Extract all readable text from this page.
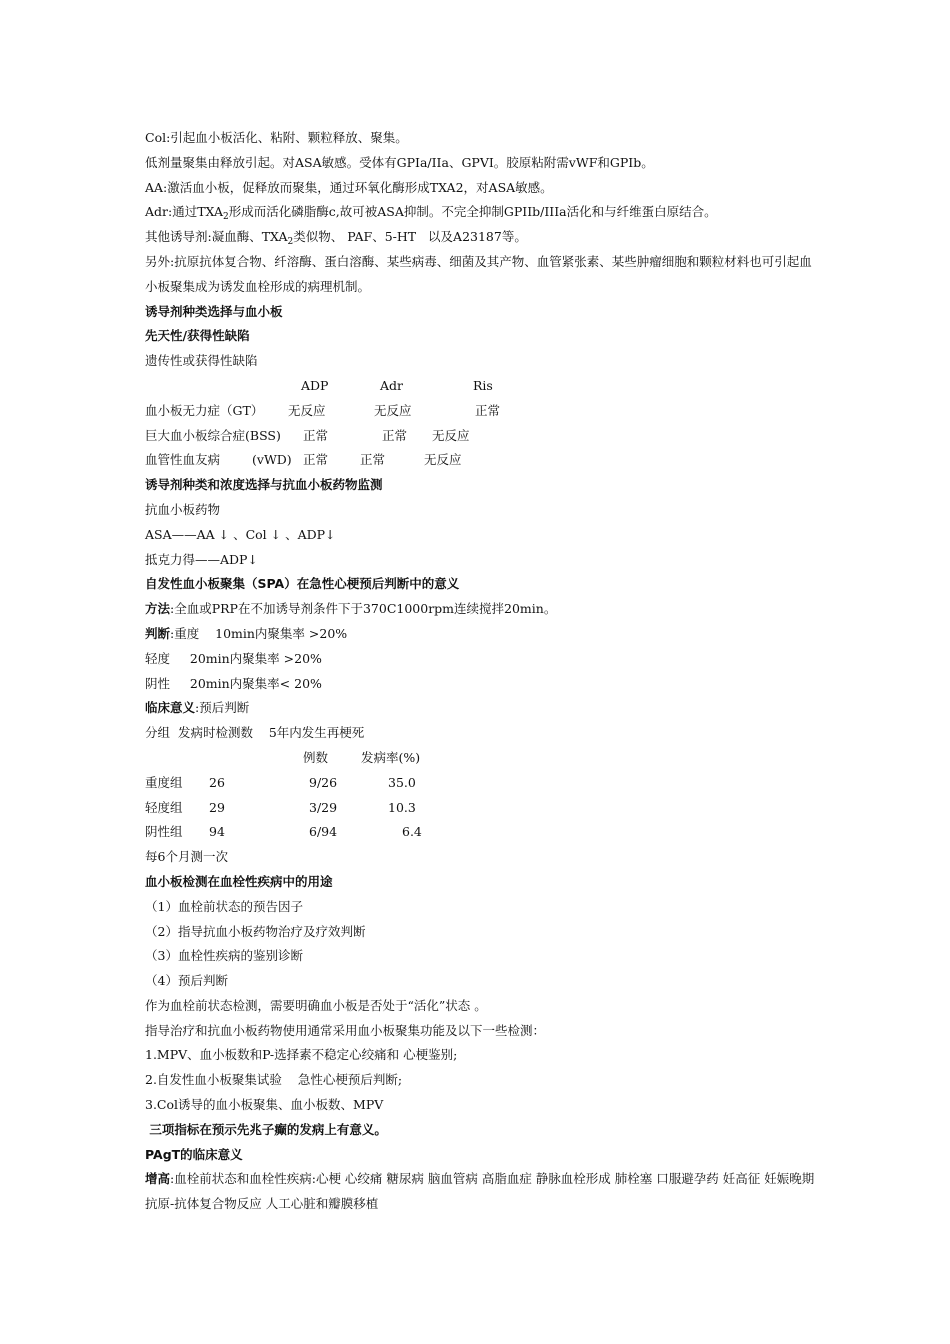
Col:引起血小板活化、粘附、颗粒释放、聚集。
低剂量聚集由释放引起。对ASA敏感。受体有GPIa/IIa、GPVI。胶原粘附需vWF和GPIb。
AA:激活血小板，促释放而聚集，通过环氧化酶形成TXA2，对ASA敏感。
Adr:通过$TXA_2$形成而活化磷脂酶c,故可被ASA抑制。不完全抑制GPIIb/IIIa活化和与纤维蛋白原结合。
其他诱导剂:凝血酶、$TXA_2$类似物、 PAF、5-HT   以及A23187等。
另外:抗原抗体复合物、纤溶酶、蛋白溶酶、某些病毒、细菌及其产物、血管紧张素、某些肿瘤细胞和颗粒材料也可引起血小板聚集成为诱发血栓形成的病理机制。
诱导剂种类选择与血小板
先天性/获得性缺陷
遗传性或获得性缺陷
ADP	Adr	Ris
血小板无力症（GT） 无反应	无反应	正常
巨大血小板综合症(BSS) 正常	正常 无反应
血管性血友病	(vWD) 正常	正常	无反应
诱导剂种类和浓度选择与抗血小板药物监测
抗血小板药物
ASA——AA ↓ 、Col ↓ 、ADP↓
抵克力得——ADP↓
自发性血小板聚集（SPA）在急性心梗预后判断中的意义
方法:全血或PRP在不加诱导剂条件下于370C1000rpm连续搅拌20min。
判断:重度    10min内聚集率 >20%
轻度     20min内聚集率 >20%
阴性     20min内聚集率< 20%
临床意义:预后判断
分组  发病时检测数    5年内发生再梗死
例数	发病率(%)
重度组 26	9/26	35.0
轻度组 29	3/29	10.3
阴性组 94	6/94	6.4
每6个月测一次
血小板检测在血栓性疾病中的用途
（1）血栓前状态的预告因子
（2）指导抗血小板药物治疗及疗效判断
（3）血栓性疾病的鉴别诊断
（4）预后判断
作为血栓前状态检测，需要明确血小板是否处于“活化”状态 。
指导治疗和抗血小板药物使用通常采用血小板聚集功能及以下一些检测：
1.MPV、血小板数和P-选择素不稳定心绞痛和 心梗鉴别;
2.自发性血小板聚集试验    急性心梗预后判断;
3.Col诱导的血小板聚集、血小板数、MPV
三项指标在预示先兆子癫的发病上有意义。
PAgT的临床意义
增高:血栓前状态和血栓性疾病:心梗 心绞痛 糖尿病 脑血管病 高脂血症 静脉血栓形成 肺栓塞 口服避孕药 妊高征 妊娠晚期 抗原-抗体复合物反应 人工心脏和瓣膜移植
